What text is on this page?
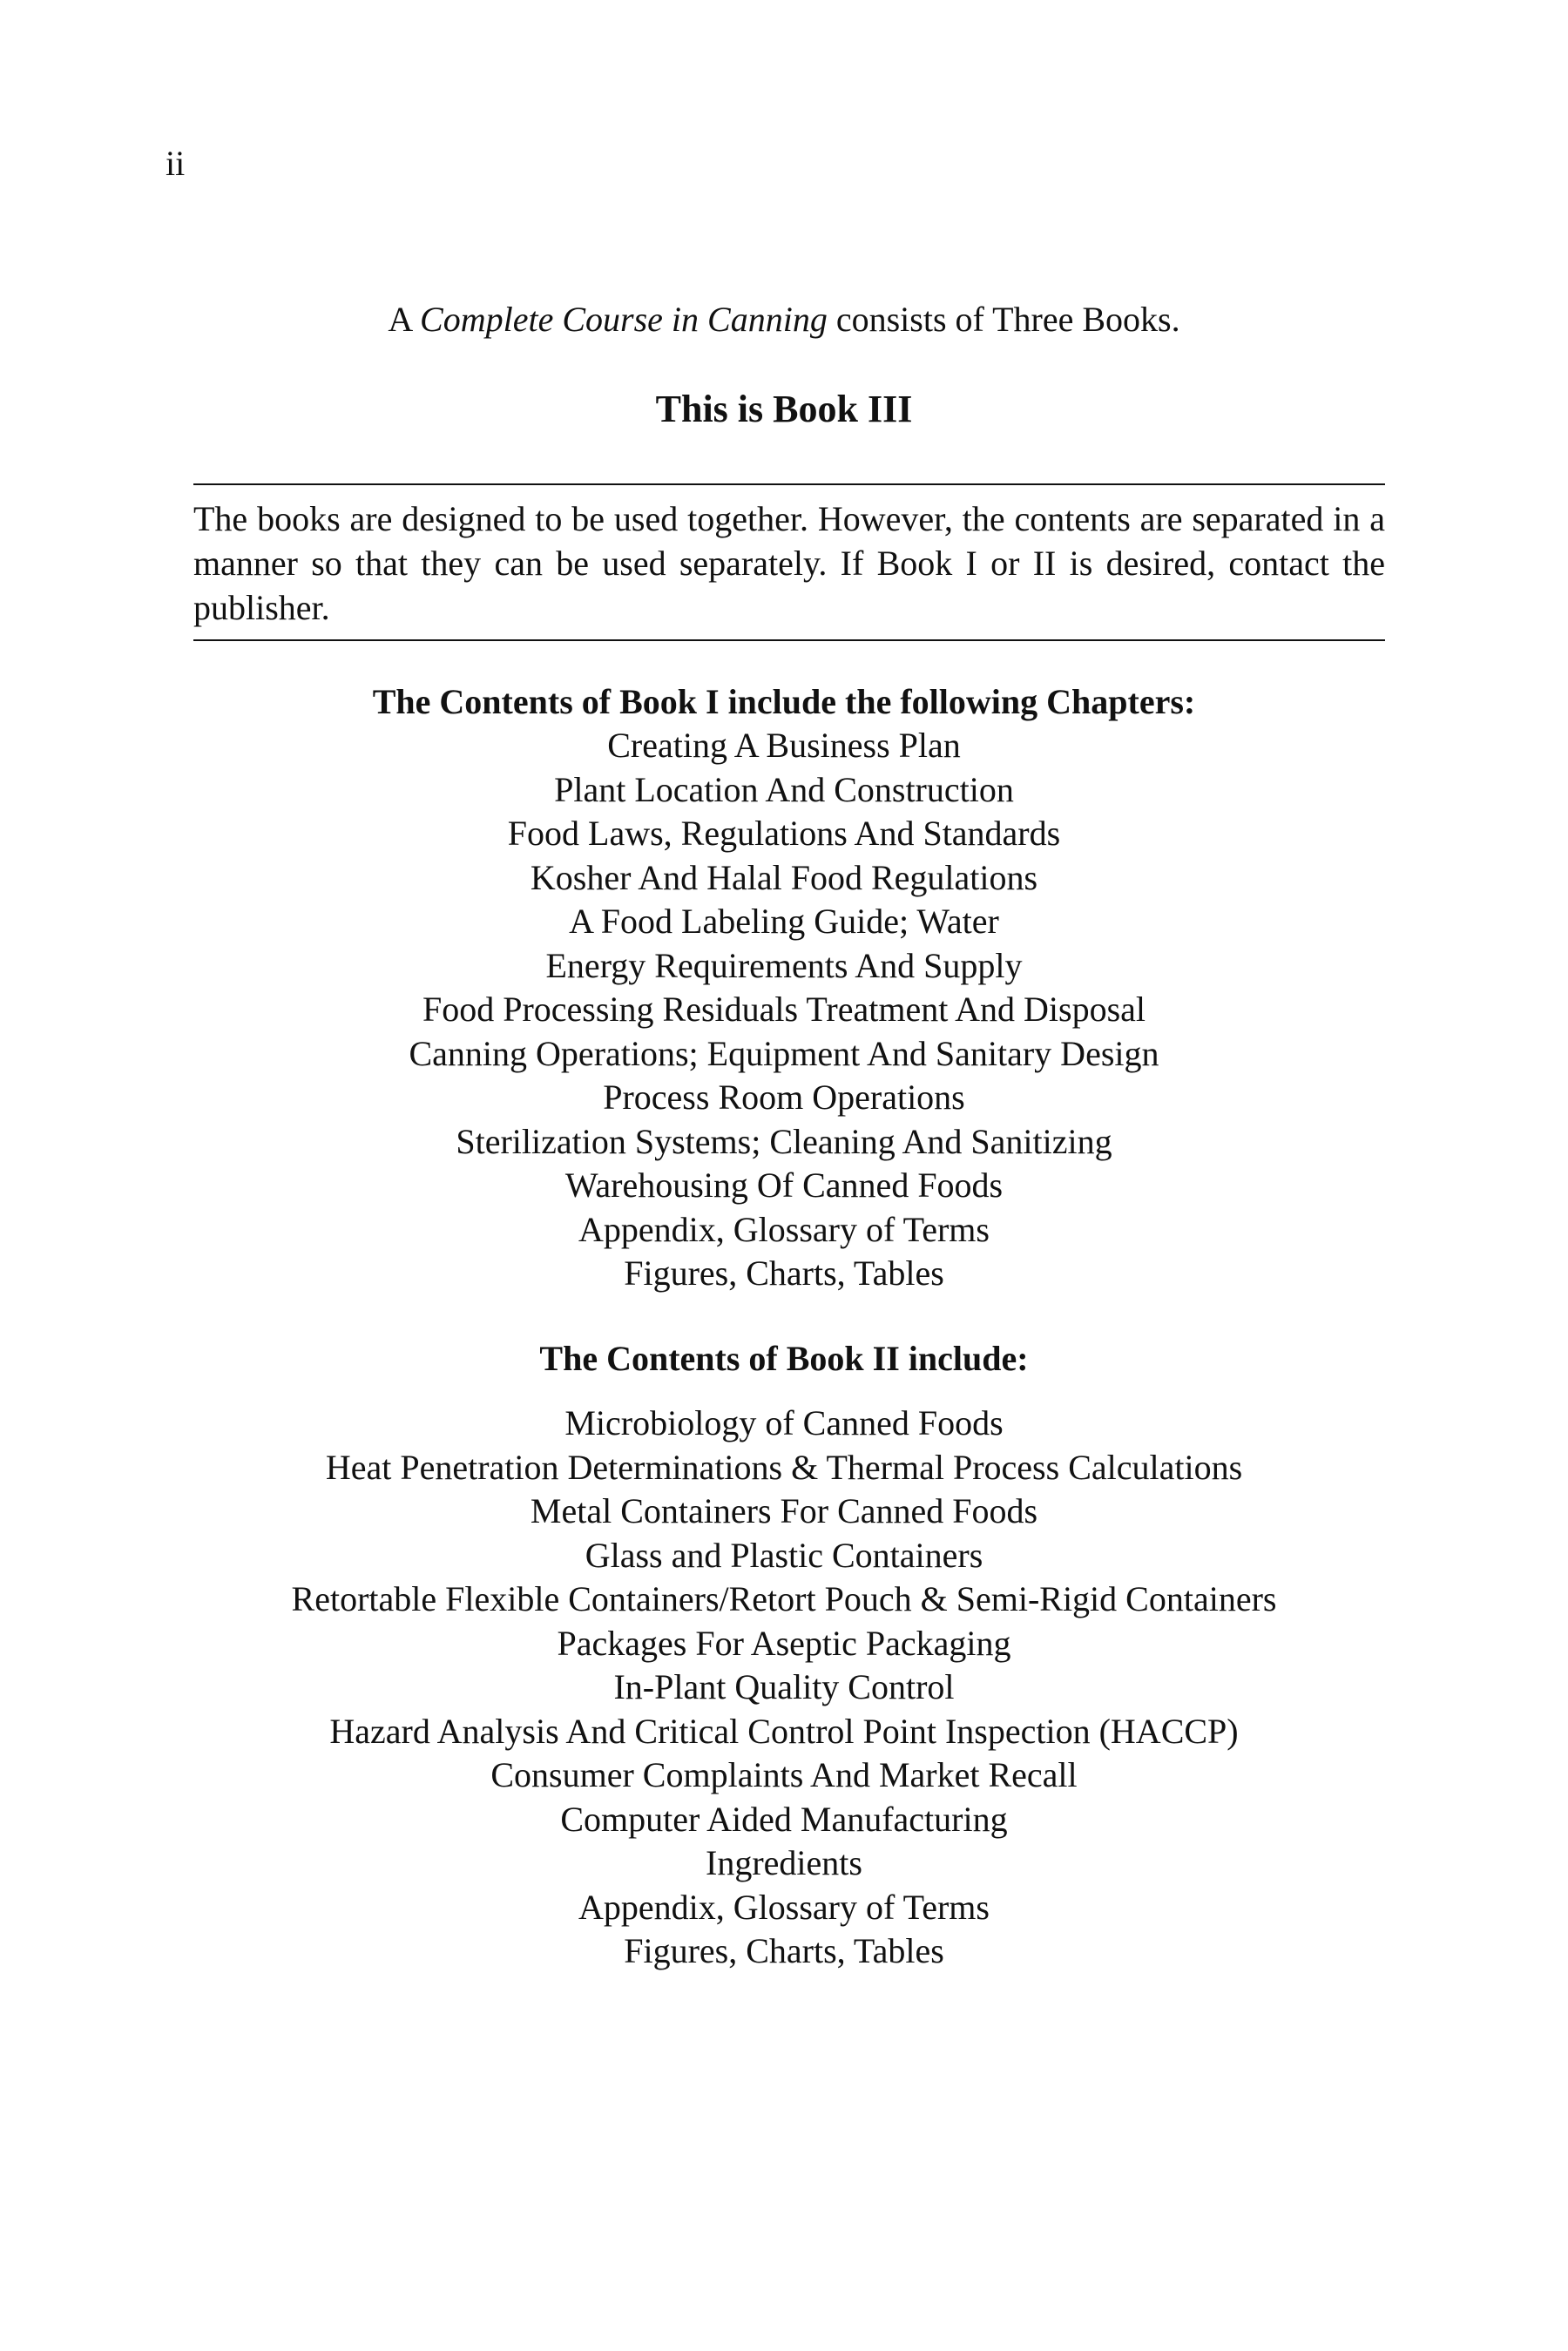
ii
A Complete Course in Canning consists of Three Books.
This is Book III

The books are designed to be used together. However, the contents are separated in a manner so that they can be used separately. If Book I or II is desired, contact the publisher.

The Contents of Book I include the following Chapters:
Creating A Business Plan
Plant Location And Construction
Food Laws, Regulations And Standards
Kosher And Halal Food Regulations
A Food Labeling Guide; Water
Energy Requirements And Supply
Food Processing Residuals Treatment And Disposal
Canning Operations; Equipment And Sanitary Design
Process Room Operations
Sterilization Systems; Cleaning And Sanitizing
Warehousing Of Canned Foods
Appendix, Glossary of Terms
Figures, Charts, Tables
The Contents of Book II include:
Microbiology of Canned Foods
Heat Penetration Determinations & Thermal Process Calculations
Metal Containers For Canned Foods
Glass and Plastic Containers
Retortable Flexible Containers/Retort Pouch & Semi-Rigid Containers
Packages For Aseptic Packaging
In-Plant Quality Control
Hazard Analysis And Critical Control Point Inspection (HACCP)
Consumer Complaints And Market Recall
Computer Aided Manufacturing
Ingredients
Appendix, Glossary of Terms
Figures, Charts, Tables
